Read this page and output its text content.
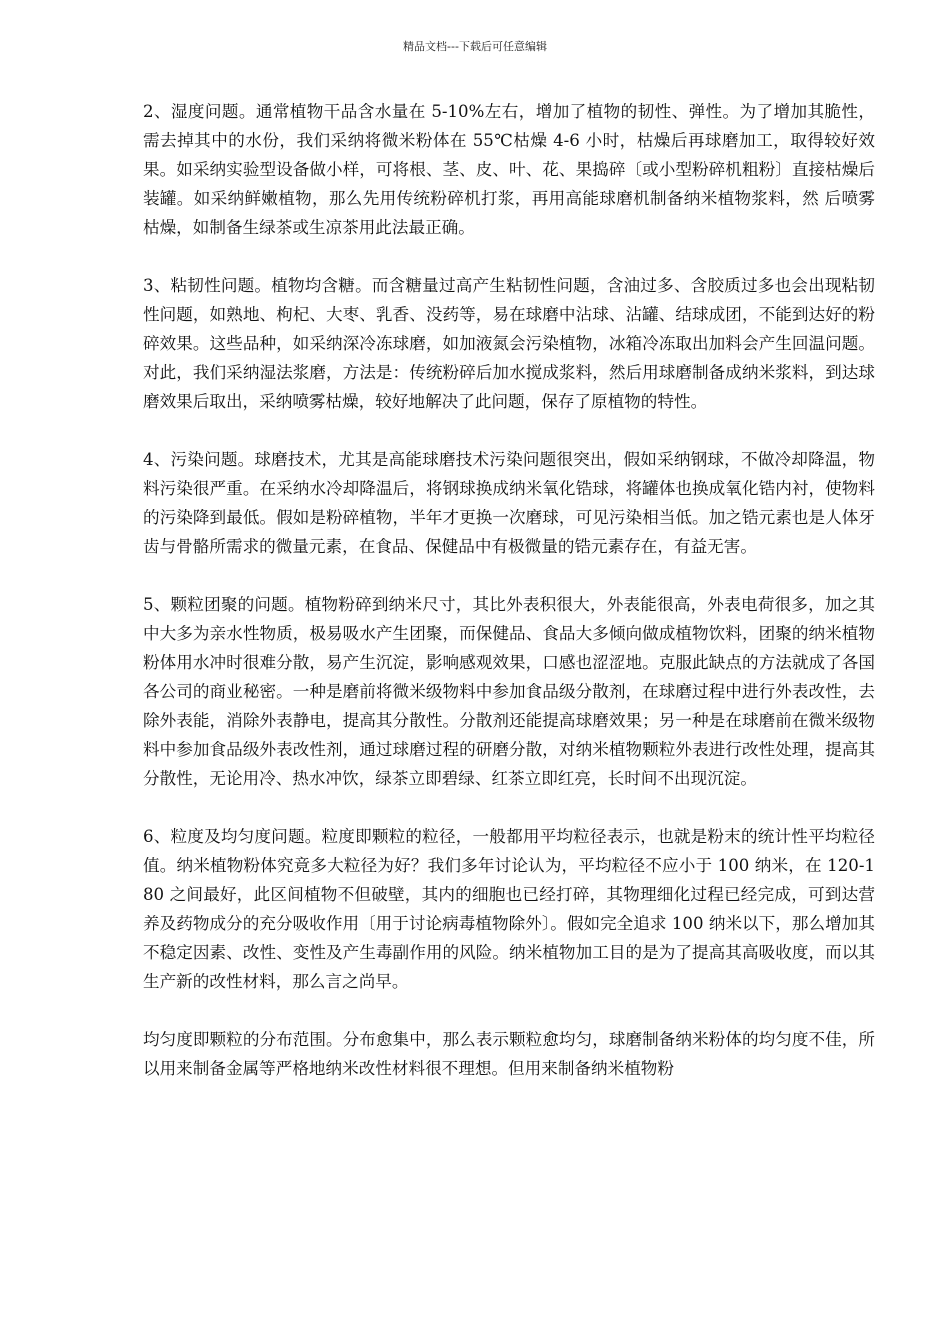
精品文档---下载后可任意编辑

2、湿度问题。通常植物干品含水量在 5-10%左右，增加了植物的韧性、弹性。为了增加其脆性，需去掉其中的水份，我们采纳将微米粉体在 55℃枯燥 4-6 小时，枯燥后再球磨加工，取得较好效果。如采纳实验型设备做小样，可将根、茎、皮、叶、花、果捣碎〔或小型粉碎机粗粉〕直接枯燥后装罐。如采纳鲜嫩植物，那么先用传统粉碎机打浆，再用高能球磨机制备纳米植物浆料，然 后喷雾枯燥，如制备生绿茶或生凉茶用此法最正确。

3、粘韧性问题。植物均含糖。而含糖量过高产生粘韧性问题，含油过多、含胶质过多也会出现粘韧性问题，如熟地、枸杞、大枣、乳香、没药等，易在球磨中沾球、沾罐、结球成团，不能到达好的粉碎效果。这些品种，如采纳深冷冻球磨，如加液氮会污染植物，冰箱冷冻取出加料会产生回温问题。对此，我们采纳湿法浆磨，方法是：传统粉碎后加水搅成浆料，然后用球磨制备成纳米浆料，到达球磨效果后取出，采纳喷雾枯燥，较好地解决了此问题，保存了原植物的特性。

4、污染问题。球磨技术，尤其是高能球磨技术污染问题很突出，假如采纳钢球，不做冷却降温，物料污染很严重。在采纳水冷却降温后，将钢球换成纳米氧化锆球，将罐体也换成氧化锆内衬，使物料的污染降到最低。假如是粉碎植物，半年才更换一次磨球，可见污染相当低。加之锆元素也是人体牙齿与骨骼所需求的微量元素，在食品、保健品中有极微量的锆元素存在，有益无害。

5、颗粒团聚的问题。植物粉碎到纳米尺寸，其比外表积很大，外表能很高，外表电荷很多，加之其中大多为亲水性物质，极易吸水产生团聚，而保健品、食品大多倾向做成植物饮料，团聚的纳米植物粉体用水冲时很难分散，易产生沉淀，影响感观效果，口感也涩涩地。克服此缺点的方法就成了各国各公司的商业秘密。一种是磨前将微米级物料中参加食品级分散剂，在球磨过程中进行外表改性，去除外表能，消除外表静电，提高其分散性。分散剂还能提高球磨效果；另一种是在球磨前在微米级物料中参加食品级外表改性剂，通过球磨过程的研磨分散，对纳米植物颗粒外表进行改性处理，提高其分散性，无论用冷、热水冲饮，绿茶立即碧绿、红茶立即红亮，长时间不出现沉淀。

6、粒度及均匀度问题。粒度即颗粒的粒径，一般都用平均粒径表示，也就是粉末的统计性平均粒径值。纳米植物粉体究竟多大粒径为好？我们多年讨论认为，平均粒径不应小于 100 纳米，在 120-180 之间最好，此区间植物不但破壁，其内的细胞也已经打碎，其物理细化过程已经完成，可到达营养及药物成分的充分吸收作用〔用于讨论病毒植物除外〕。假如完全追求 100 纳米以下，那么增加其不稳定因素、改性、变性及产生毒副作用的风险。纳米植物加工目的是为了提高其高吸收度，而以其生产新的改性材料，那么言之尚早。

均匀度即颗粒的分布范围。分布愈集中，那么表示颗粒愈均匀，球磨制备纳米粉体的均匀度不佳，所以用来制备金属等严格地纳米改性材料很不理想。但用来制备纳米植物粉
